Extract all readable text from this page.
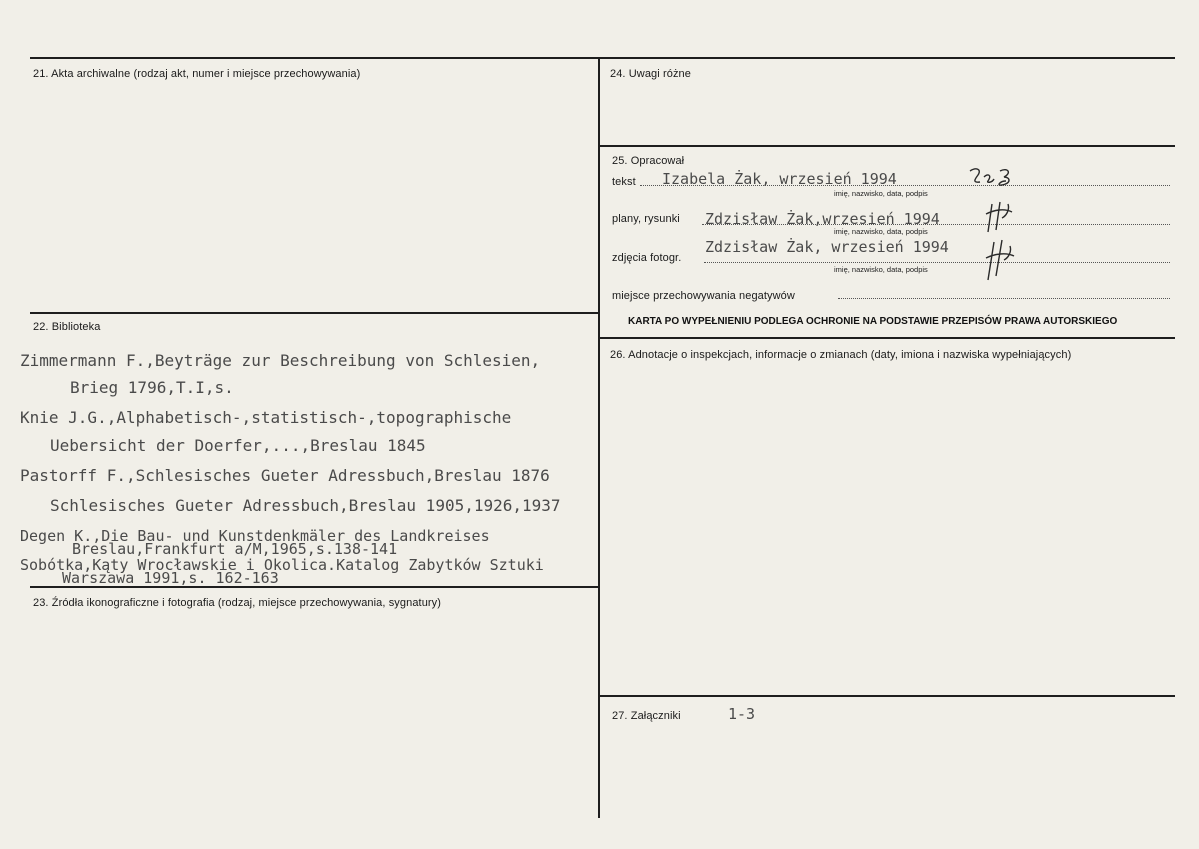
21. Akta archiwalne (rodzaj akt, numer i miejsce przechowywania)
22. Biblioteka
Zimmermann F.,Beyträge zur Beschreibung von Schlesien,
Brieg 1796,T.I,s.
Knie J.G.,Alphabetisch-,statistisch-,topographische
Uebersicht der Doerfer,...,Breslau 1845
Pastorff F.,Schlesisches Gueter Adressbuch,Breslau 1876
Schlesisches Gueter Adressbuch,Breslau 1905,1926,1937
Degen K.,Die Bau- und Kunstdenkmäler des Landkreises
Breslau,Frankfurt a/M,1965,s.138-141
Sobótka,Kąty Wrocławskie i Okolica.Katalog Zabytków Sztuki
Warszawa 1991,s. 162-163
23. Źródła ikonograficzne i fotografia (rodzaj, miejsce przechowywania, sygnatury)
24. Uwagi różne
25. Opracował
tekst Izabela Żak, wrzesień 1994
imię, nazwisko, data, podpis
plany, rysunki Zdzisław Żak,wrzesień 1994
imię, nazwisko, data, podpis
zdjęcia fotogr.
Zdzisław Żak, wrzesień 1994
imię, nazwisko, data, podpis
miejsce przechowywania negatywów
KARTA PO WYPEŁNIENIU PODLEGA OCHRONIE NA PODSTAWIE PRZEPISÓW PRAWA AUTORSKIEGO
26. Adnotacje o inspekcjach, informacje o zmianach (daty, imiona i nazwiska wypełniających)
27. Załączniki	1-3
